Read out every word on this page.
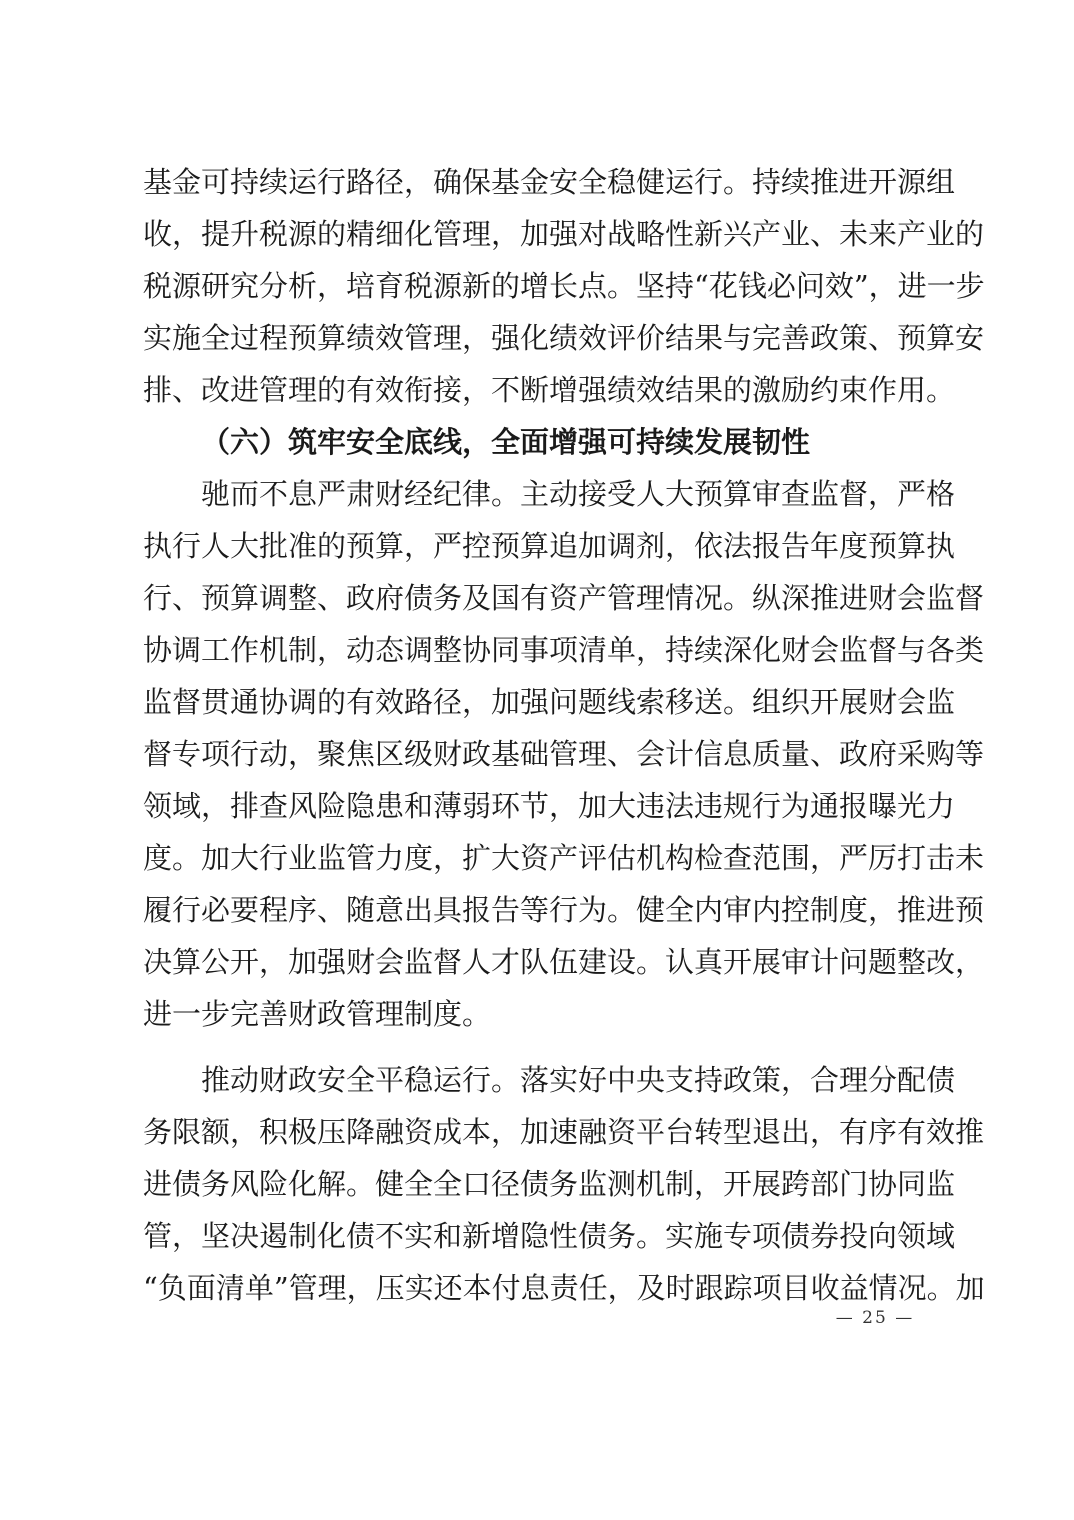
基金可持续运行路径，确保基金安全稳健运行。持续推进开源组
收，提升税源的精细化管理，加强对战略性新兴产业、未来产业的
税源研究分析，培育税源新的增长点。坚持“花钱必问效”，进一步
实施全过程预算绩效管理，强化绩效评价结果与完善政策、预算安
排、改进管理的有效衔接，不断增强绩效结果的激励约束作用。
（六）筑牢安全底线，全面增强可持续发展韧性
驰而不息严肃财经纪律。主动接受人大预算审查监督，严格
执行人大批准的预算，严控预算追加调剂，依法报告年度预算执
行、预算调整、政府债务及国有资产管理情况。纵深推进财会监督
协调工作机制，动态调整协同事项清单，持续深化财会监督与各类
监督贯通协调的有效路径，加强问题线索移送。组织开展财会监
督专项行动，聚焦区级财政基础管理、会计信息质量、政府采购等
领域，排查风险隐患和薄弱环节，加大违法违规行为通报曝光力
度。加大行业监管力度，扩大资产评估机构检查范围，严厉打击未
履行必要程序、随意出具报告等行为。健全内审内控制度，推进预
决算公开，加强财会监督人才队伍建设。认真开展审计问题整改，
进一步完善财政管理制度。
推动财政安全平稳运行。落实好中央支持政策，合理分配债
务限额，积极压降融资成本，加速融资平台转型退出，有序有效推
进债务风险化解。健全全口径债务监测机制，开展跨部门协同监
管，坚决遏制化债不实和新增隐性债务。实施专项债券投向领域
“负面清单”管理，压实还本付息责任，及时跟踪项目收益情况。加
— 25 —
